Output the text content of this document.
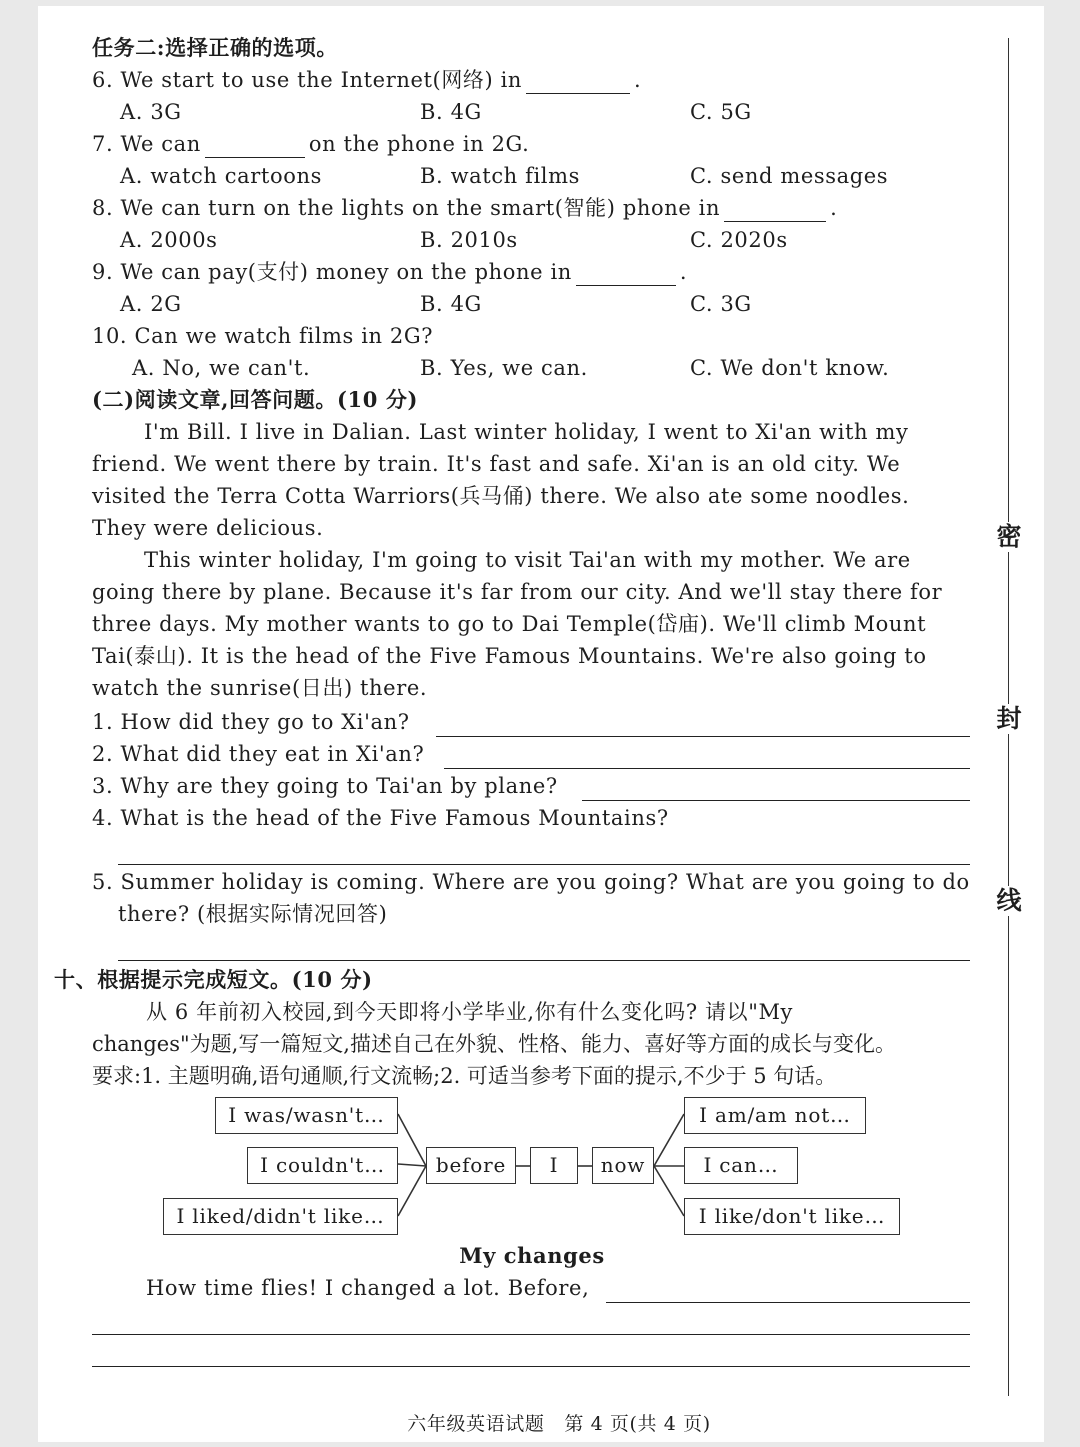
任务二:选择正确的选项。
6. We start to use the Internet(网络) in	.
A. 3G	B. 4G	C. 5G
7. We can	on the phone in 2G.
A. watch cartoons	B. watch films	C. send messages
8. We can turn on the lights on the smart(智能) phone in	.
A. 2000s	B. 2010s	C. 2020s
9. We can pay(支付) money on the phone in	.
A. 2G	B. 4G	C. 3G
10. Can we watch films in 2G?
A. No, we can't.	B. Yes, we can.	C. We don't know.
(二)阅读文章,回答问题。(10 分)
I'm Bill. I live in Dalian. Last winter holiday, I went to Xi'an with my
friend. We went there by train. It's fast and safe. Xi'an is an old city. We
visited the Terra Cotta Warriors(兵马俑) there. We also ate some noodles.
They were delicious.
This winter holiday, I'm going to visit Tai'an with my mother. We are
going there by plane. Because it's far from our city. And we'll stay there for
three days. My mother wants to go to Dai Temple(岱庙). We'll climb Mount
Tai(泰山). It is the head of the Five Famous Mountains. We're also going to
watch the sunrise(日出) there.
1. How did they go to Xi'an?
2. What did they eat in Xi'an?
3. Why are they going to Tai'an by plane?
4. What is the head of the Five Famous Mountains?
5. Summer holiday is coming. Where are you going? What are you going to do
there? (根据实际情况回答)
十、根据提示完成短文。(10 分)
从 6 年前初入校园,到今天即将小学毕业,你有什么变化吗? 请以"My
changes"为题,写一篇短文,描述自己在外貌、性格、能力、喜好等方面的成长与变化。
要求:1. 主题明确,语句通顺,行文流畅;2. 可适当参考下面的提示,不少于 5 句话。
I was/wasn't…
I couldn't…
I liked/didn't like…
before	I	now
I am/am not…
I can…
I like/don't like…
My changes
How time flies! I changed a lot. Before,
密
封
线
六年级英语试题   第 4 页(共 4 页)
